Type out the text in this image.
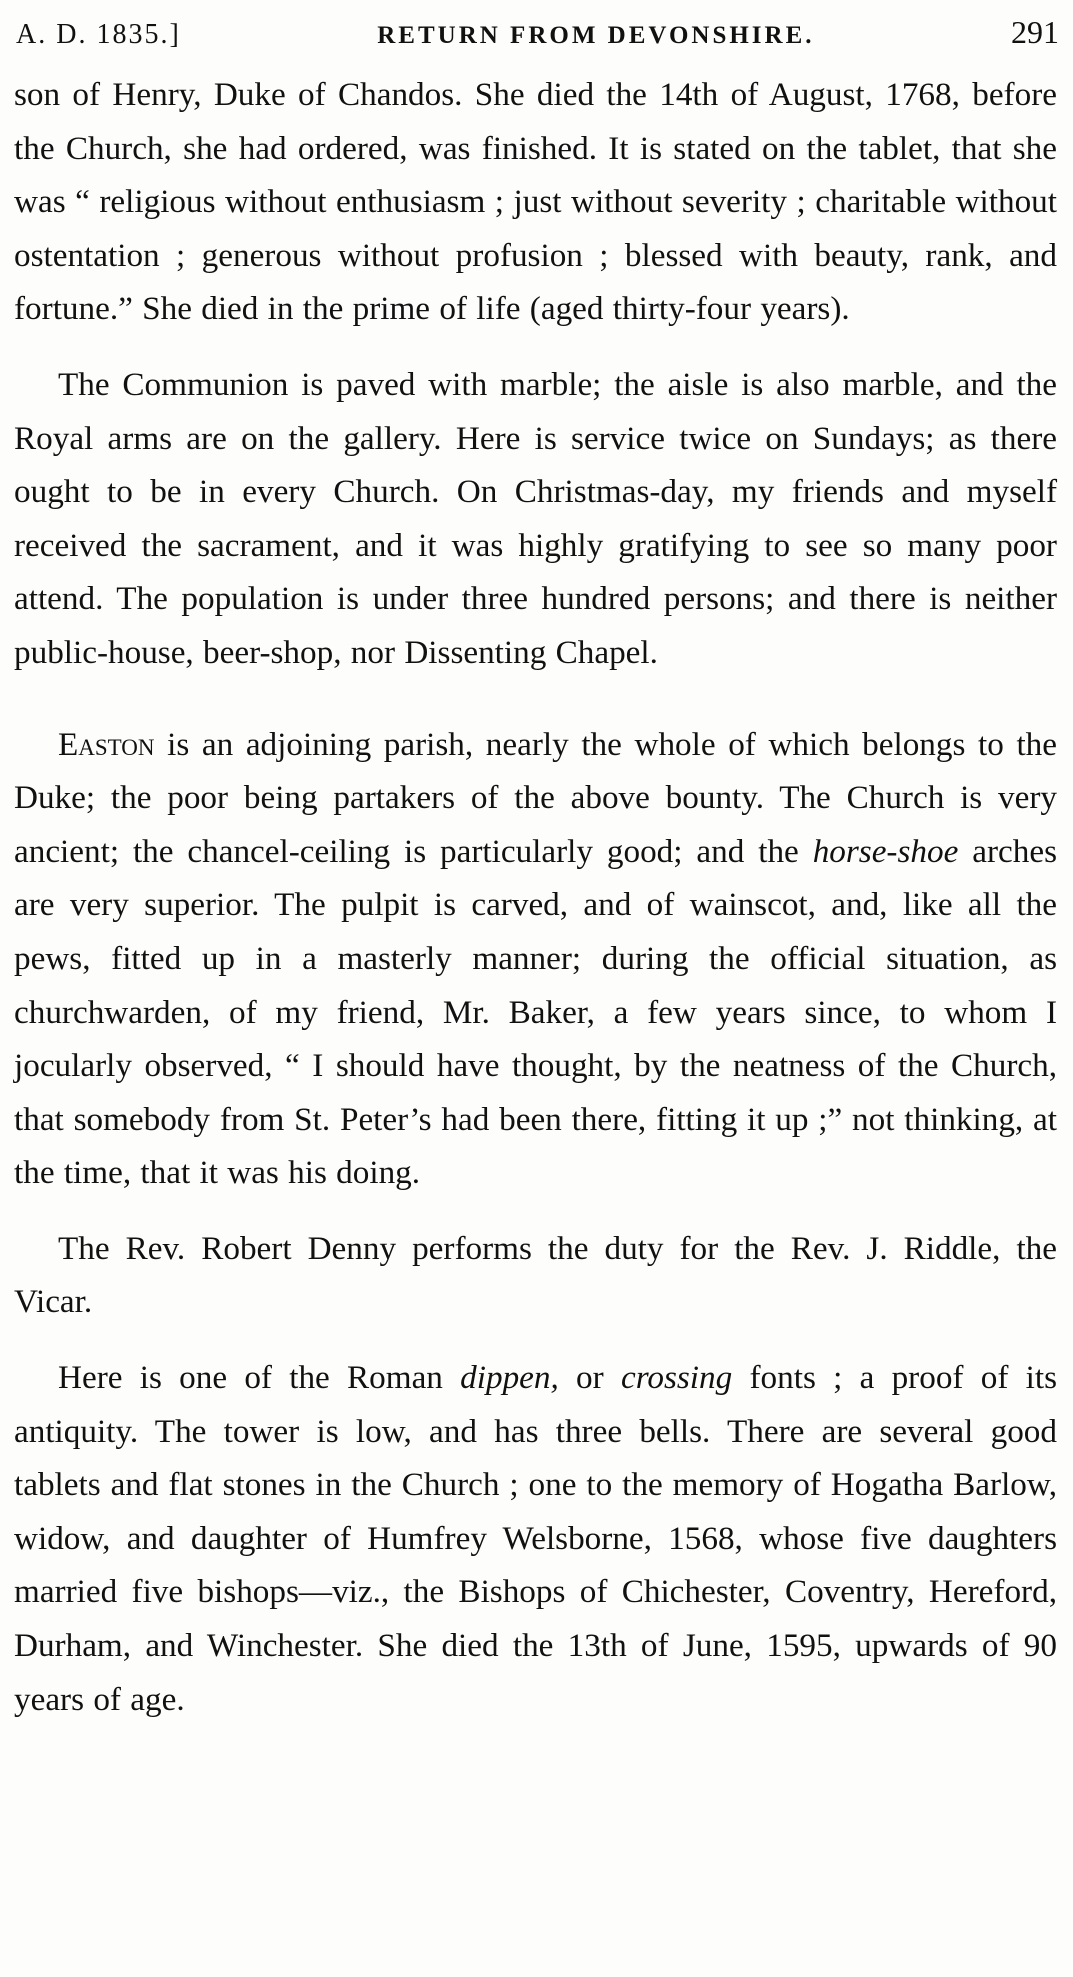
A. D. 1835.]	RETURN FROM DEVONSHIRE.	291

son of Henry, Duke of Chandos. She died the 14th of August, 1768, before the Church, she had ordered, was finished. It is stated on the tablet, that she was “ religious without enthusiasm ; just without severity ; charitable without ostentation ; generous without profusion ; blessed with beauty, rank, and fortune.” She died in the prime of life (aged thirty-four years).

The Communion is paved with marble; the aisle is also marble, and the Royal arms are on the gallery. Here is service twice on Sundays; as there ought to be in every Church. On Christmas-day, my friends and myself received the sacrament, and it was highly gratifying to see so many poor attend. The population is under three hundred persons; and there is neither public-house, beer-shop, nor Dissenting Chapel.

Easton is an adjoining parish, nearly the whole of which belongs to the Duke; the poor being partakers of the above bounty. The Church is very ancient; the chancel-ceiling is particularly good; and the horse-shoe arches are very superior. The pulpit is carved, and of wainscot, and, like all the pews, fitted up in a masterly manner; during the official situation, as churchwarden, of my friend, Mr. Baker, a few years since, to whom I jocularly observed, “ I should have thought, by the neatness of the Church, that somebody from St. Peter’s had been there, fitting it up ;” not thinking, at the time, that it was his doing.

The Rev. Robert Denny performs the duty for the Rev. J. Riddle, the Vicar.

Here is one of the Roman dippen, or crossing fonts ; a proof of its antiquity. The tower is low, and has three bells. There are several good tablets and flat stones in the Church ; one to the memory of Hogatha Barlow, widow, and daughter of Humfrey Welsborne, 1568, whose five daughters married five bishops—viz., the Bishops of Chichester, Coventry, Hereford, Durham, and Winchester. She died the 13th of June, 1595, upwards of 90 years of age.
